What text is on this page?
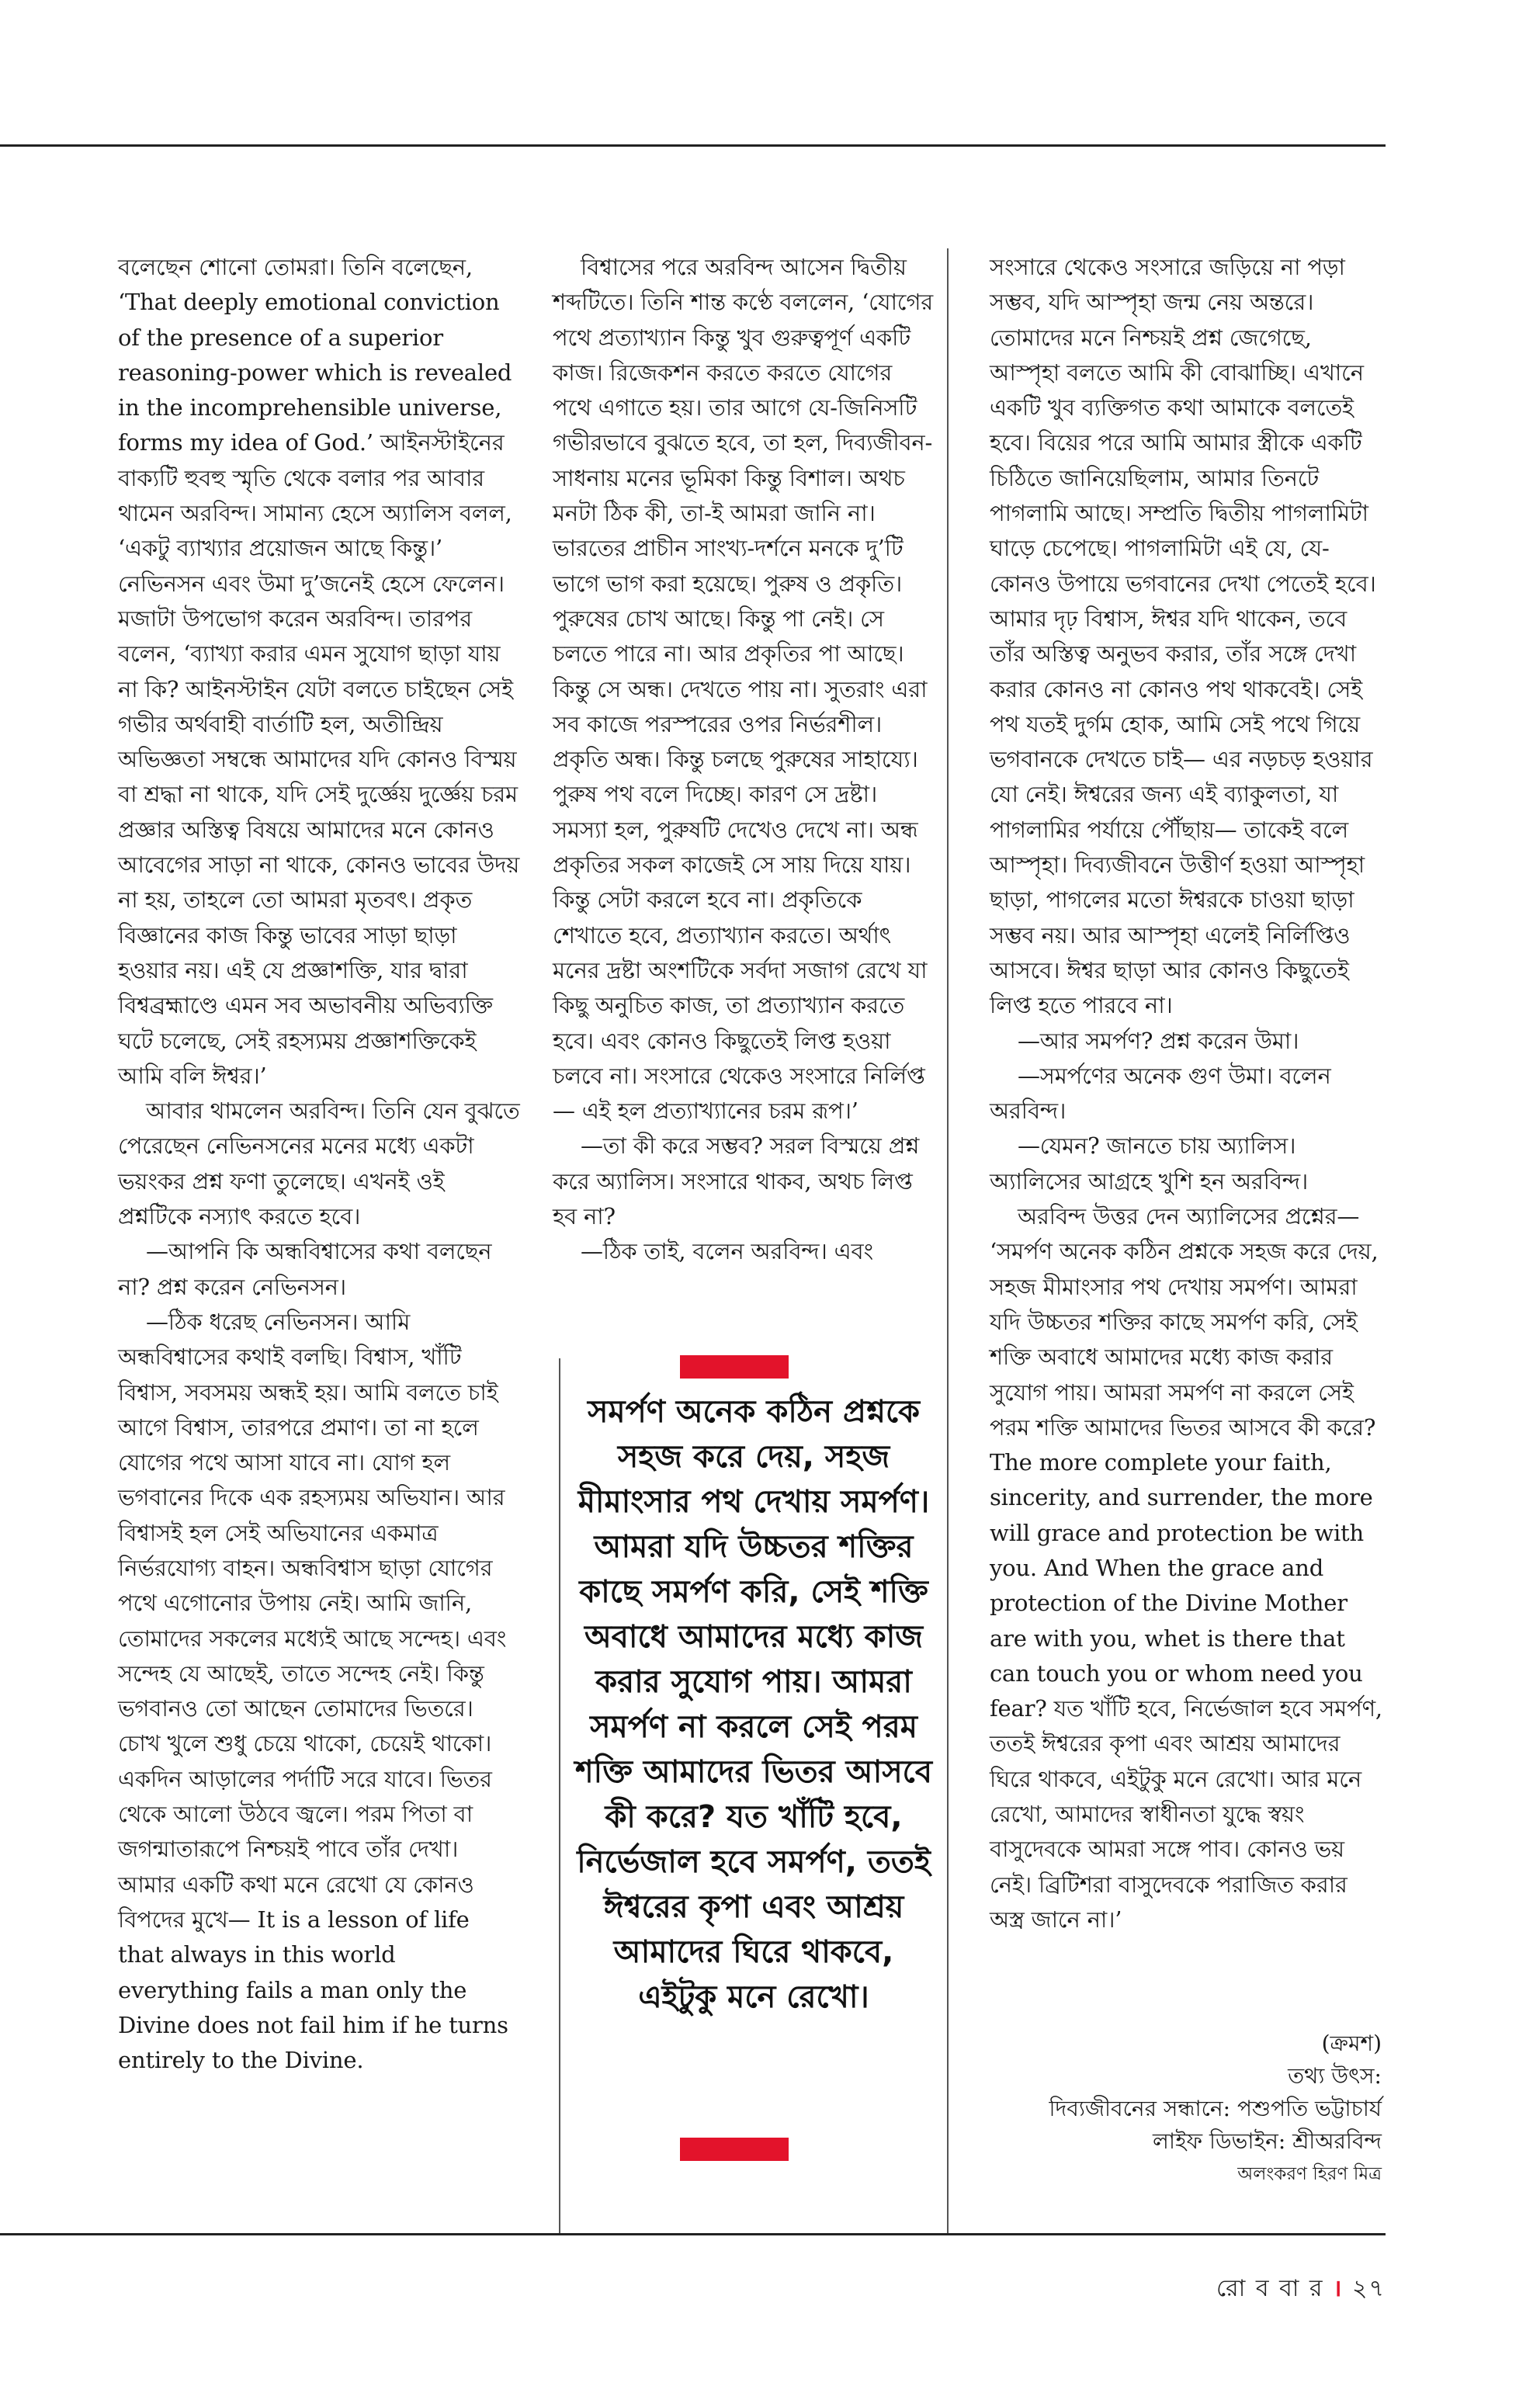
বলেছেন শোনো তোমরা। তিনি বলেছেন, ‘That deeply emotional conviction of the presence of a superior reasoning-power which is revealed in the incomprehensible universe, forms my idea of God.’ আইনস্টাইনের বাক্যটি হুবহু স্মৃতি থেকে বলার পর আবার থামেন অরবিন্দ। সামান্য হেসে অ্যালিস বলল, ‘একটু ব্যাখ্যার প্রয়োজন আছে কিন্তু।’ নেভিনসন এবং উমা দু’জনেই হেসে ফেলেন। মজাটা উপভোগ করেন অরবিন্দ। তারপর বলেন, ‘ব্যাখ্যা করার এমন সুযোগ ছাড়া যায় না কি? আইনস্টাইন যেটা বলতে চাইছেন সেই গভীর অর্থবাহী বার্তাটি হল, অতীন্দ্রিয় অভিজ্ঞতা সম্বন্ধে আমাদের যদি কোনও বিস্ময় বা শ্রদ্ধা না থাকে, যদি সেই দুর্জ্ঞেয় দুর্জ্ঞেয় চরম প্রজ্ঞার অস্তিত্ব বিষয়ে আমাদের মনে কোনও আবেগের সাড়া না থাকে, কোনও ভাবের উদয় না হয়, তাহলে তো আমরা মৃতবৎ। প্রকৃত বিজ্ঞানের কাজ কিন্তু ভাবের সাড়া ছাড়া হওয়ার নয়। এই যে প্রজ্ঞাশক্তি, যার দ্বারা বিশ্বব্রহ্মাণ্ডে এমন সব অভাবনীয় অভিব্যক্তি ঘটে চলেছে, সেই রহস্যময় প্রজ্ঞাশক্তিকেই আমি বলি ঈশ্বর।’

আবার থামলেন অরবিন্দ। তিনি যেন বুঝতে পেরেছেন নেভিনসনের মনের মধ্যে একটা ভয়ংকর প্রশ্ন ফণা তুলেছে। এখনই ওই প্রশ্নটিকে নস্যাৎ করতে হবে।

—আপনি কি অন্ধবিশ্বাসের কথা বলছেন না? প্রশ্ন করেন নেভিনসন।

—ঠিক ধরেছ নেভিনসন। আমি অন্ধবিশ্বাসের কথাই বলছি। বিশ্বাস, খাঁটি বিশ্বাস, সবসময় অন্ধই হয়। আমি বলতে চাই আগে বিশ্বাস, তারপরে প্রমাণ। তা না হলে যোগের পথে আসা যাবে না। যোগ হল ভগবানের দিকে এক রহস্যময় অভিযান। আর বিশ্বাসই হল সেই অভিযানের একমাত্র নির্ভরযোগ্য বাহন। অন্ধবিশ্বাস ছাড়া যোগের পথে এগোনোর উপায় নেই। আমি জানি, তোমাদের সকলের মধ্যেই আছে সন্দেহ। এবং সন্দেহ যে আছেই, তাতে সন্দেহ নেই। কিন্তু ভগবানও তো আছেন তোমাদের ভিতরে। চোখ খুলে শুধু চেয়ে থাকো, চেয়েই থাকো। একদিন আড়ালের পর্দাটি সরে যাবে। ভিতর থেকে আলো উঠবে জ্বলে। পরম পিতা বা জগন্মাতারূপে নিশ্চয়ই পাবে তাঁর দেখা। আমার একটি কথা মনে রেখো যে কোনও বিপদের মুখে— It is a lesson of life that always in this world everything fails a man only the Divine does not fail him if he turns entirely to the Divine.

বিশ্বাসের পরে অরবিন্দ আসেন দ্বিতীয় শব্দটিতে। তিনি শান্ত কণ্ঠে বললেন, ‘যোগের পথে প্রত্যাখ্যান কিন্তু খুব গুরুত্বপূর্ণ একটি কাজ। রিজেকশন করতে করতে যোগের পথে এগাতে হয়। তার আগে যে-জিনিসটি গভীরভাবে বুঝতে হবে, তা হল, দিব্যজীবন-সাধনায় মনের ভূমিকা কিন্তু বিশাল। অথচ মনটা ঠিক কী, তা-ই আমরা জানি না। ভারতের প্রাচীন সাংখ্য-দর্শনে মনকে দু’টি ভাগে ভাগ করা হয়েছে। পুরুষ ও প্রকৃতি। পুরুষের চোখ আছে। কিন্তু পা নেই। সে চলতে পারে না। আর প্রকৃতির পা আছে। কিন্তু সে অন্ধ। দেখতে পায় না। সুতরাং এরা সব কাজে পরস্পরের ওপর নির্ভরশীল। প্রকৃতি অন্ধ। কিন্তু চলছে পুরুষের সাহায্যে। পুরুষ পথ বলে দিচ্ছে। কারণ সে দ্রষ্টা। সমস্যা হল, পুরুষটি দেখেও দেখে না। অন্ধ প্রকৃতির সকল কাজেই সে সায় দিয়ে যায়। কিন্তু সেটা করলে হবে না। প্রকৃতিকে শেখাতে হবে, প্রত্যাখ্যান করতে। অর্থাৎ মনের দ্রষ্টা অংশটিকে সর্বদা সজাগ রেখে যা কিছু অনুচিত কাজ, তা প্রত্যাখ্যান করতে হবে। এবং কোনও কিছুতেই লিপ্ত হওয়া চলবে না। সংসারে থেকেও সংসারে নির্লিপ্ত— এই হল প্রত্যাখ্যানের চরম রূপ।’

—তা কী করে সম্ভব? সরল বিস্ময়ে প্রশ্ন করে অ্যালিস। সংসারে থাকব, অথচ লিপ্ত হব না?

—ঠিক তাই, বলেন অরবিন্দ। এবং

সমর্পণ অনেক কঠিন প্রশ্নকে সহজ করে দেয়, সহজ মীমাংসার পথ দেখায় সমর্পণ। আমরা যদি উচ্চতর শক্তির কাছে সমর্পণ করি, সেই শক্তি অবাধে আমাদের মধ্যে কাজ করার সুযোগ পায়। আমরা সমর্পণ না করলে সেই পরম শক্তি আমাদের ভিতর আসবে কী করে? যত খাঁটি হবে, নির্ভেজাল হবে সমর্পণ, ততই ঈশ্বরের কৃপা এবং আশ্রয় আমাদের ঘিরে থাকবে, এইটুকু মনে রেখো।

সংসারে থেকেও সংসারে জড়িয়ে না পড়া সম্ভব, যদি আস্পৃহা জন্ম নেয় অন্তরে। তোমাদের মনে নিশ্চয়ই প্রশ্ন জেগেছে, আস্পৃহা বলতে আমি কী বোঝাচ্ছি। এখানে একটি খুব ব্যক্তিগত কথা আমাকে বলতেই হবে। বিয়ের পরে আমি আমার স্ত্রীকে একটি চিঠিতে জানিয়েছিলাম, আমার তিনটে পাগলামি আছে। সম্প্রতি দ্বিতীয় পাগলামিটা ঘাড়ে চেপেছে। পাগলামিটা এই যে, যে-কোনও উপায়ে ভগবানের দেখা পেতেই হবে। আমার দৃঢ় বিশ্বাস, ঈশ্বর যদি থাকেন, তবে তাঁর অস্তিত্ব অনুভব করার, তাঁর সঙ্গে দেখা করার কোনও না কোনও পথ থাকবেই। সেই পথ যতই দুর্গম হোক, আমি সেই পথে গিয়ে ভগবানকে দেখতে চাই— এর নড়চড় হওয়ার যো নেই। ঈশ্বরের জন্য এই ব্যাকুলতা, যা পাগলামির পর্যায়ে পৌঁছায়— তাকেই বলে আস্পৃহা। দিব্যজীবনে উত্তীর্ণ হওয়া আস্পৃহা ছাড়া, পাগলের মতো ঈশ্বরকে চাওয়া ছাড়া সম্ভব নয়। আর আস্পৃহা এলেই নির্লিপ্তিও আসবে। ঈশ্বর ছাড়া আর কোনও কিছুতেই লিপ্ত হতে পারবে না।

—আর সমর্পণ? প্রশ্ন করেন উমা।

—সমর্পণের অনেক গুণ উমা। বলেন অরবিন্দ।

—যেমন? জানতে চায় অ্যালিস। অ্যালিসের আগ্রহে খুশি হন অরবিন্দ।

অরবিন্দ উত্তর দেন অ্যালিসের প্রশ্নের— ‘সমর্পণ অনেক কঠিন প্রশ্নকে সহজ করে দেয়, সহজ মীমাংসার পথ দেখায় সমর্পণ। আমরা যদি উচ্চতর শক্তির কাছে সমর্পণ করি, সেই শক্তি অবাধে আমাদের মধ্যে কাজ করার সুযোগ পায়। আমরা সমর্পণ না করলে সেই পরম শক্তি আমাদের ভিতর আসবে কী করে? The more complete your faith, sincerity, and surrender, the more will grace and protection be with you. And When the grace and protection of the Divine Mother are with you, whet is there that can touch you or whom need you fear? যত খাঁটি হবে, নির্ভেজাল হবে সমর্পণ, ততই ঈশ্বরের কৃপা এবং আশ্রয় আমাদের ঘিরে থাকবে, এইটুকু মনে রেখো। আর মনে রেখো, আমাদের স্বাধীনতা যুদ্ধে স্বয়ং বাসুদেবকে আমরা সঙ্গে পাব। কোনও ভয় নেই। ব্রিটিশরা বাসুদেবকে পরাজিত করার অস্ত্র জানে না।’

(ক্রমশ)
তথ্য উৎস:
দিব্যজীবনের সন্ধানে: পশুপতি ভট্টাচার্য
লাইফ ডিভাইন: শ্রীঅরবিন্দ
অলংকরণ হিরণ মিত্র
রো ব বা র । ২৭
